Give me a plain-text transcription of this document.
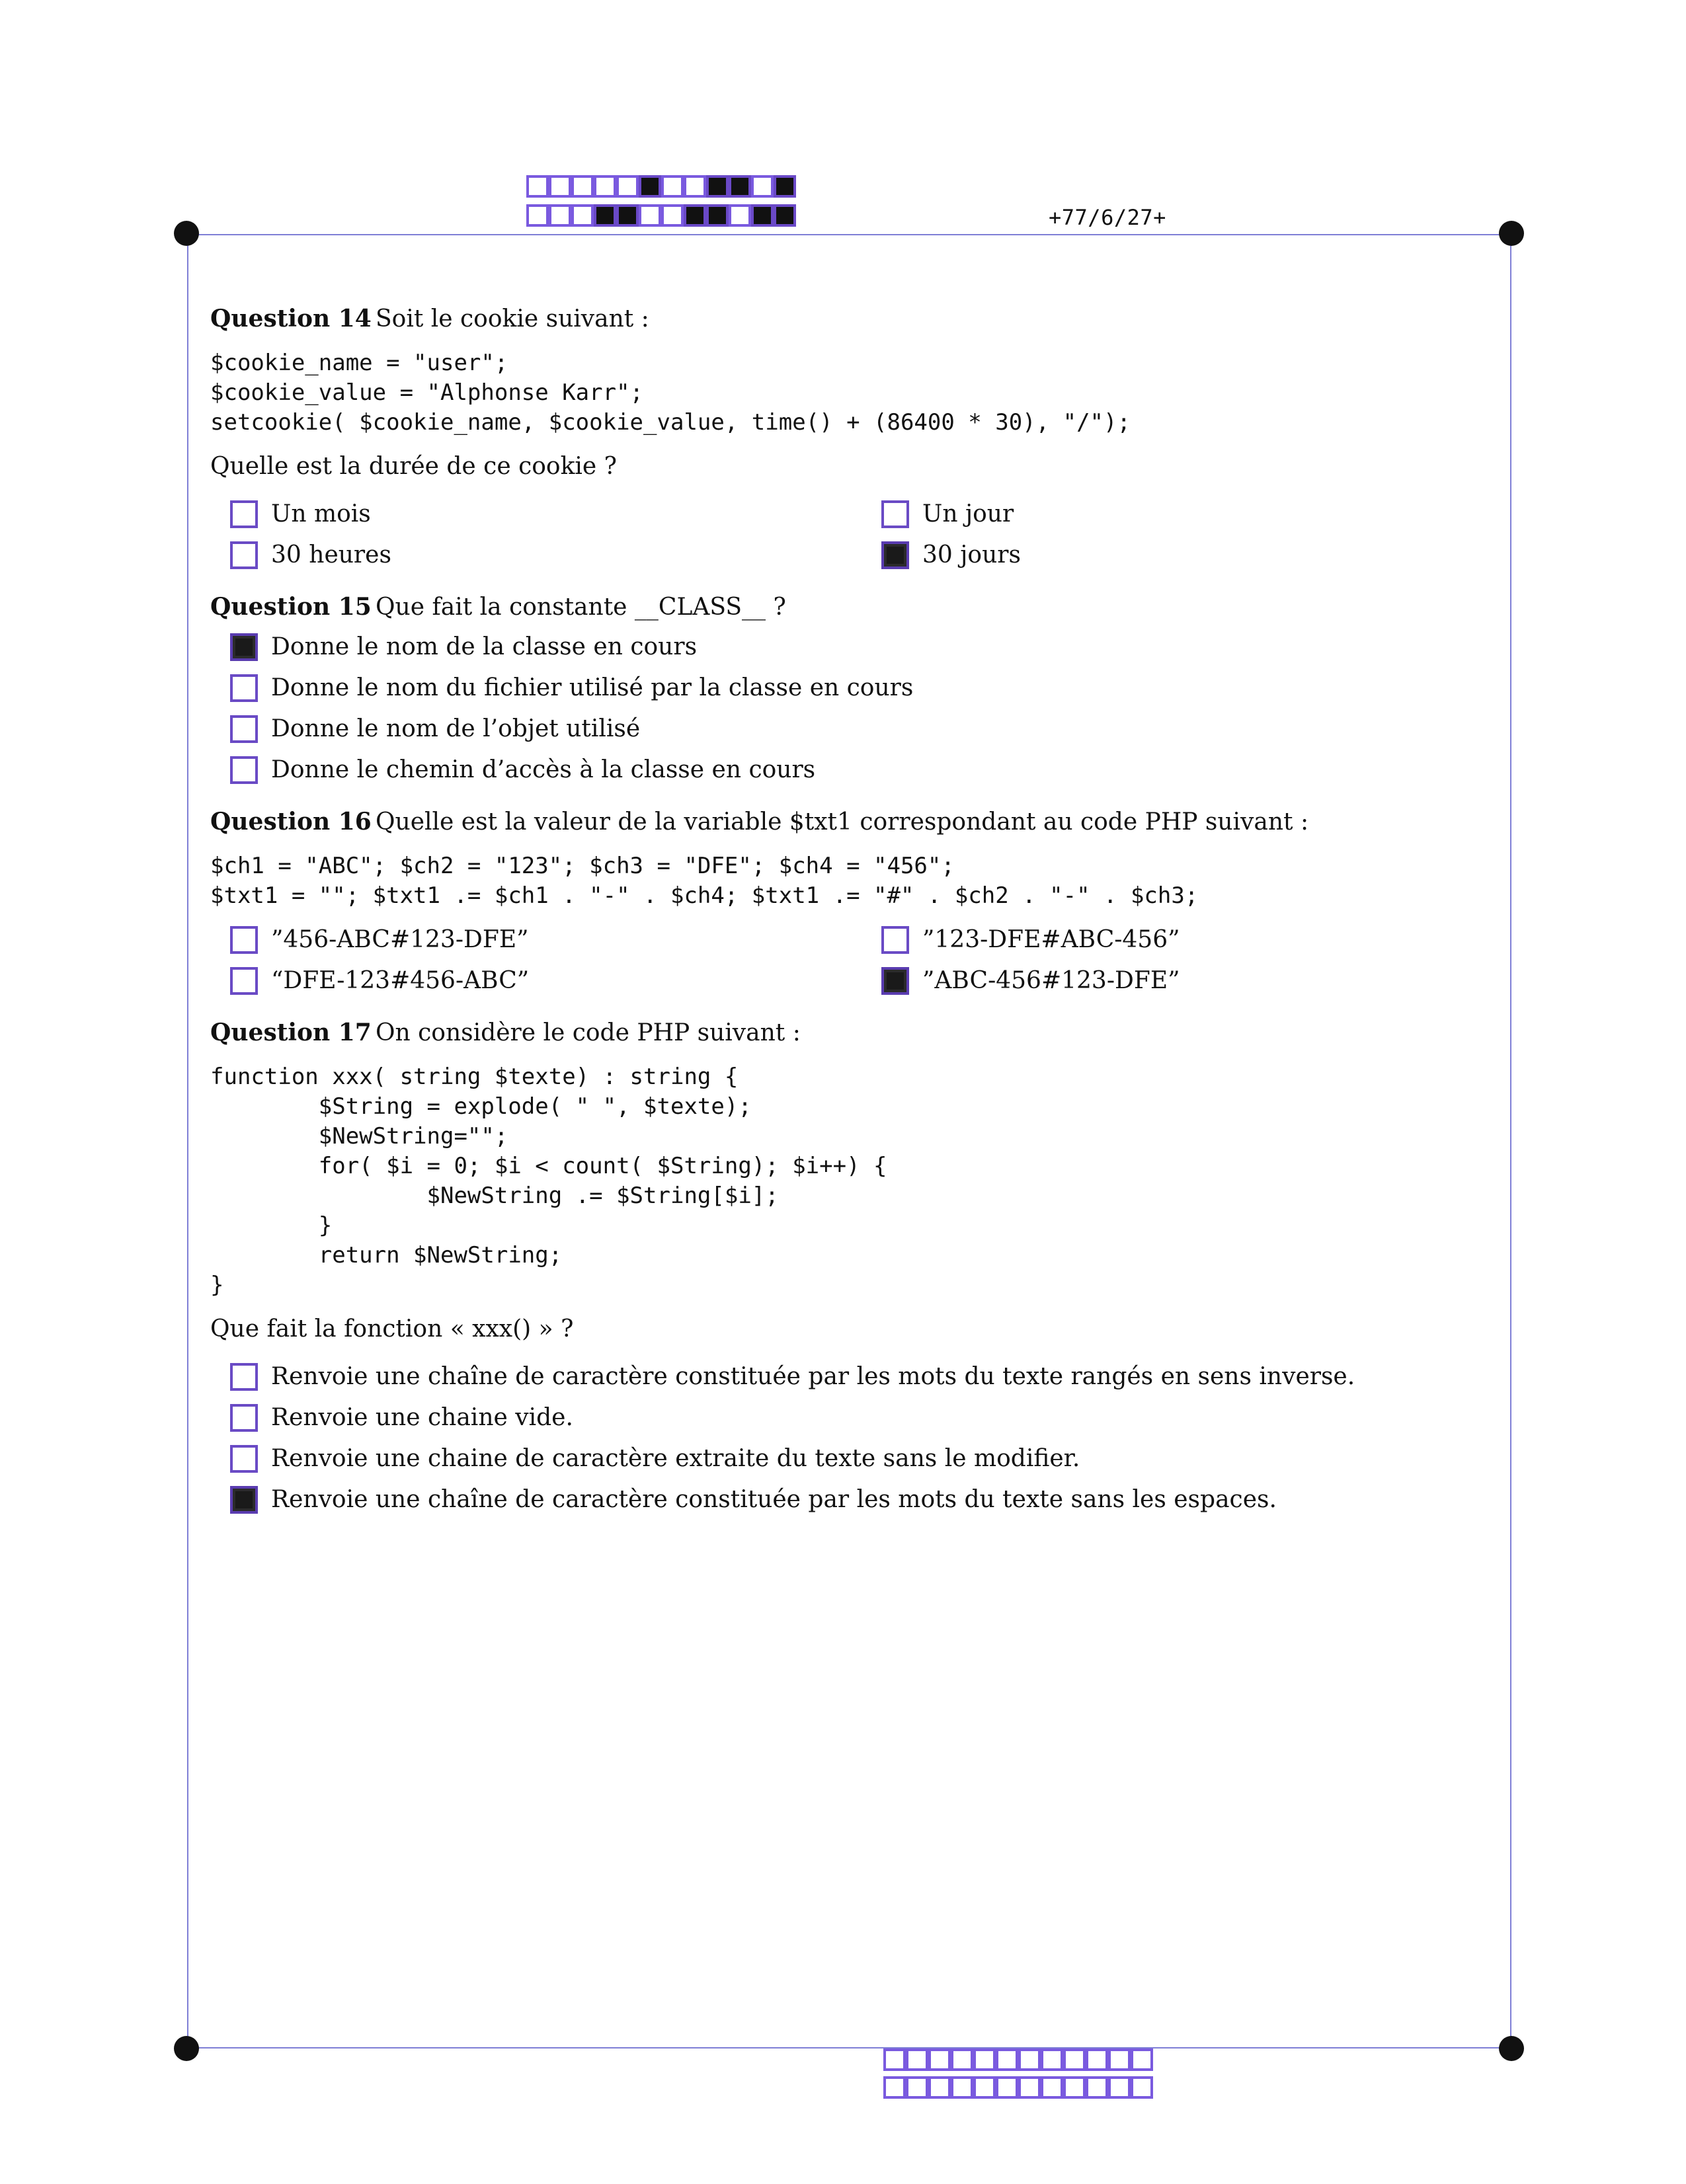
+77/6/27+
Question 14 Soit le cookie suivant :
$cookie_name = "user";
$cookie_value = "Alphonse Karr";
setcookie( $cookie_name, $cookie_value, time() + (86400 * 30), "/");
Quelle est la durée de ce cookie ?
Un mois	Un jour
30 heures	30 jours
Question 15 Que fait la constante __CLASS__ ?
Donne le nom de la classe en cours
Donne le nom du fichier utilisé par la classe en cours
Donne le nom de l’objet utilisé
Donne le chemin d’accès à la classe en cours
Question 16 Quelle est la valeur de la variable $txt1 correspondant au code PHP suivant :
$ch1 = "ABC"; $ch2 = "123"; $ch3 = "DFE"; $ch4 = "456";
$txt1 = ""; $txt1 .= $ch1 . "-" . $ch4; $txt1 .= "#" . $ch2 . "-" . $ch3;
”456-ABC#123-DFE”	”123-DFE#ABC-456”
“DFE-123#456-ABC”	”ABC-456#123-DFE”
Question 17 On considère le code PHP suivant :
function xxx( string $texte) : string {
$String = explode( " ", $texte);
$NewString="";
for( $i = 0; $i < count( $String); $i++) {
$NewString .= $String[$i];
}
return $NewString;
}
Que fait la fonction « xxx() » ?
Renvoie une chaîne de caractère constituée par les mots du texte rangés en sens inverse.
Renvoie une chaine vide.
Renvoie une chaine de caractère extraite du texte sans le modifier.
Renvoie une chaîne de caractère constituée par les mots du texte sans les espaces.
